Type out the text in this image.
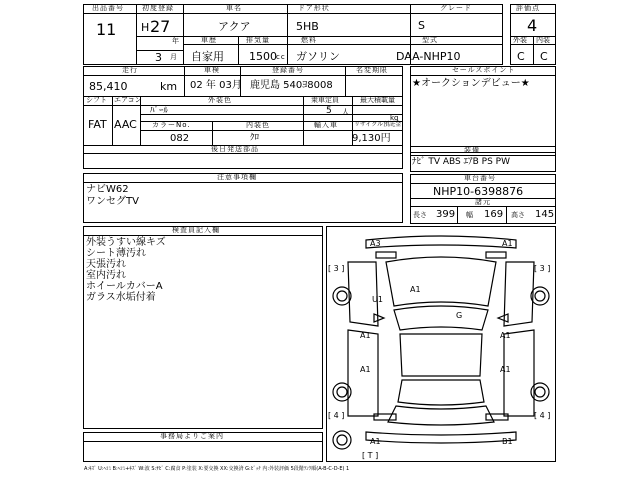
出品番号
11
初度登録
H 27
年
3 月
車名
アクア
車歴
自家用
排気量
1500 cc
ドア形状
5HB
燃料
ガソリン
グレード
S
型式
DAA-NHP10
評価点
4
外装 内装
C C
走行
85,410	km
車検
02 年 03月
登録番号
鹿児島 540ﾖ8008
名変期限
シフト エアコン
FAT AAC
外装色
ﾊﾟｰﾙ
乗車定員
5 人
最大積載量
kg
カラーNo.
082
内装色
ｸﾛ
輸入車	リサイクル預託金
9,130円
後日発送部品
セールスポイント
★オークションデビュー★
装備
ﾅﾋﾞ TV ABS ｴｱB PS PW
車台番号
NHP10-6398876
諸元
長さ 399 幅 169 高さ 145
注意事項欄
ナビW62
ワンセグTV
検査員記入欄
外装うすい線キズ
シート薄汚れ
天張汚れ
室内汚れ
ホイールカバーA
ガラス水垢付着
事務局よりご案内
A3	A1
[ 3 ]	[ 3 ]
U1
A1
G
A1	A1
A1	A1
[ 4 ]	[ 4 ]
A1	B1
[ T ]
A:ｷｽﾞ U:ﾍｺﾐ B:ﾍｺﾐ+ｷｽﾞ W:波 S:ｻﾋﾞ C:腐食 P:塗装 X:要交換 XX:交換済 G:ﾋﾞｯﾁ 内:外装評価 5段階ﾗﾝｸ順(A-B-C-D-E) 1
